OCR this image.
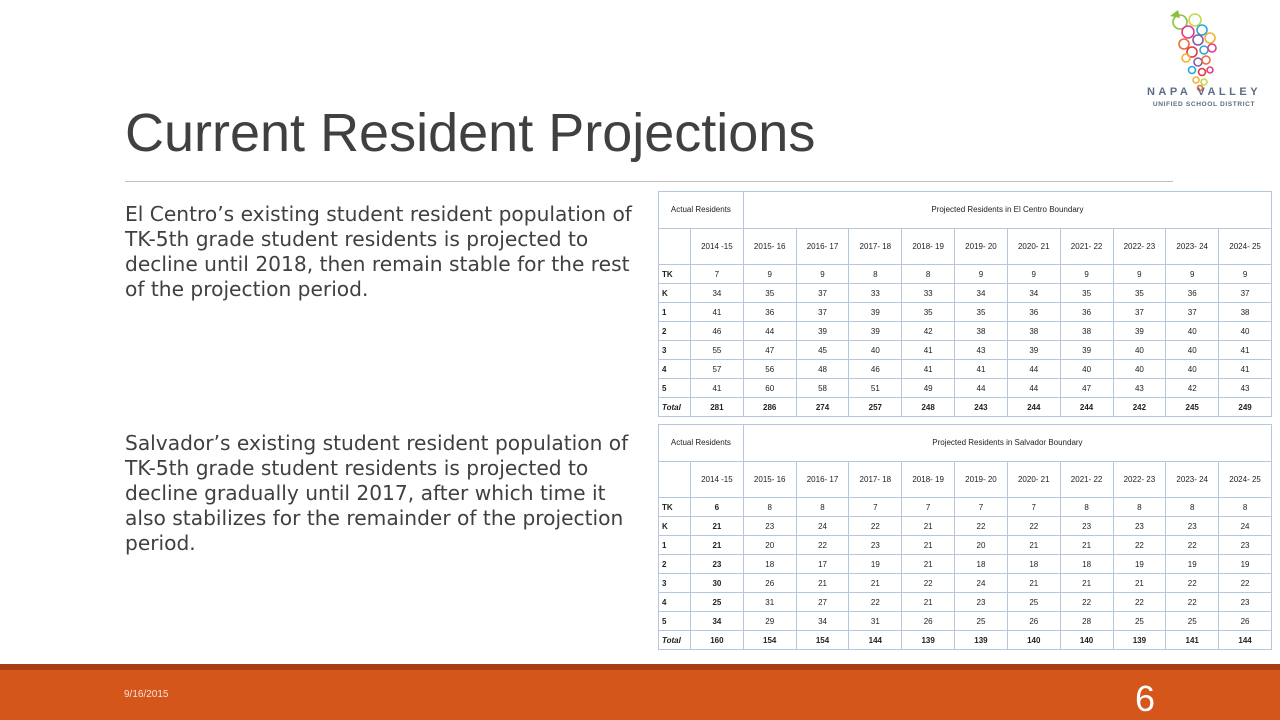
NAPA VALLEY
UNIFIED SCHOOL DISTRICT
Current Resident Projections
El Centro’s existing student resident population of TK-5th grade student residents is projected to decline until 2018, then remain stable for the rest of the projection period.
Salvador’s existing student resident population of TK-5th grade student residents is projected to decline gradually until 2017, after which time it also stabilizes for the remainder of the projection period.
Actual Residents		Projected Residents in El Centro Boundary									
	2014 -15	2015- 16	2016- 17	2017- 18	2018- 19	2019- 20	2020- 21	2021- 22	2022- 23	2023- 24	2024- 25
TK	7	9	9	8	8	9	9	9	9	9	9
K	34	35	37	33	33	34	34	35	35	36	37
1	41	36	37	39	35	35	36	36	37	37	38
2	46	44	39	39	42	38	38	38	39	40	40
3	55	47	45	40	41	43	39	39	40	40	41
4	57	56	48	46	41	41	44	40	40	40	41
5	41	60	58	51	49	44	44	47	43	42	43
Total	281	286	274	257	248	243	244	244	242	245	249
Actual Residents		Projected Residents in Salvador Boundary									
	2014 -15	2015- 16	2016- 17	2017- 18	2018- 19	2019- 20	2020- 21	2021- 22	2022- 23	2023- 24	2024- 25
TK	6	8	8	7	7	7	7	8	8	8	8
K	21	23	24	22	21	22	22	23	23	23	24
1	21	20	22	23	21	20	21	21	22	22	23
2	23	18	17	19	21	18	18	18	19	19	19
3	30	26	21	21	22	24	21	21	21	22	22
4	25	31	27	22	21	23	25	22	22	22	23
5	34	29	34	31	26	25	26	28	25	25	26
Total	160	154	154	144	139	139	140	140	139	141	144
9/16/2015	6
